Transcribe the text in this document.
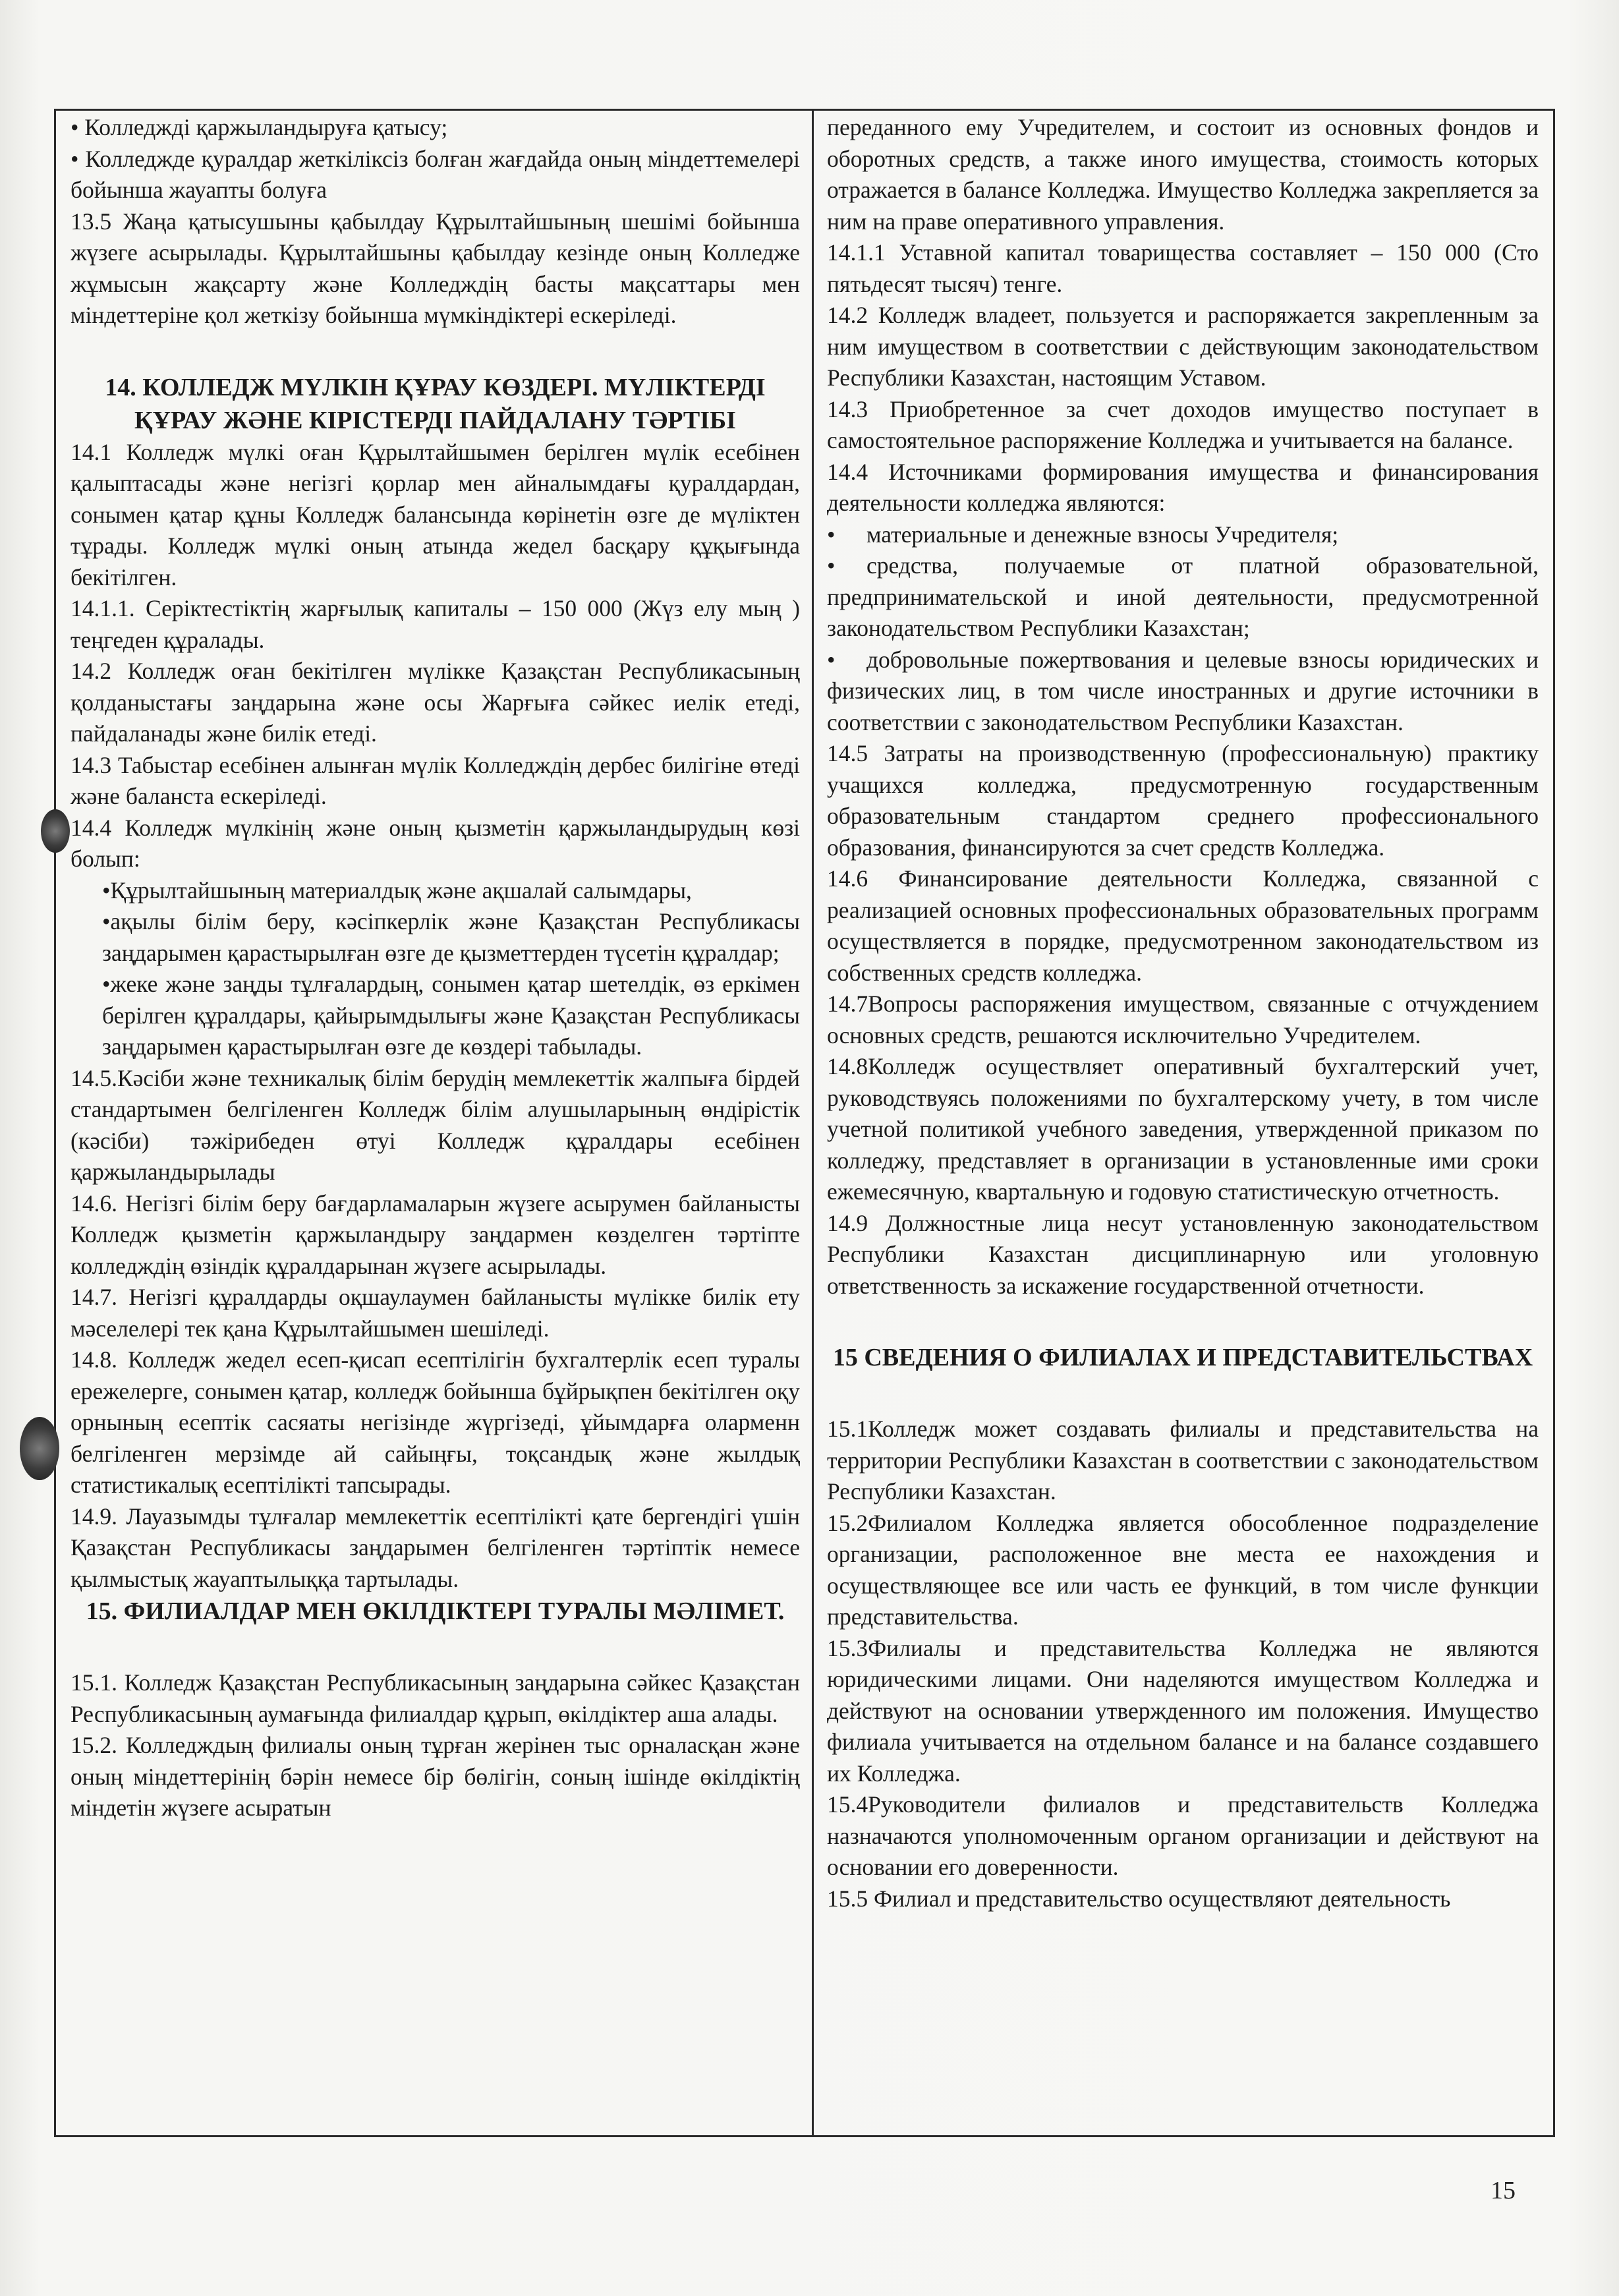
• Колледжді қаржыландыруға қатысу;

• Колледжде қуралдар жеткіліксіз болған жағдайда оның міндеттемелері бойынша жауапты болуға

13.5 Жаңа қатысушыны қабылдау Құрылтайшының шешімі бойынша жүзеге асырылады. Құрылтайшыны қабылдау кезінде оның Колледже жұмысын жақсарту және Колледждің басты мақсаттары мен міндеттеріне қол жеткізу бойынша мүмкіндіктері ескеріледі.

14. КОЛЛЕДЖ МҮЛКІН ҚҰРАУ КӨЗДЕРІ. МҮЛІКТЕРДІ ҚҰРАУ ЖӘНЕ КІРІСТЕРДІ ПАЙДАЛАНУ ТӘРТІБІ

14.1 Колледж мүлкі оған Құрылтайшымен берілген мүлік есебінен қалыптасады және негізгі қорлар мен айналымдағы қуралдардан, сонымен қатар құны Колледж балансында көрінетін өзге де мүліктен тұрады. Колледж мүлкі оның атында жедел басқару құқығында бекітілген.

14.1.1. Серіктестіктің жарғылық капиталы – 150 000 (Жүз елу мың ) теңгеден құралады.

14.2 Колледж оған бекітілген мүлікке Қазақстан Республикасының қолданыстағы заңдарына және осы Жарғыға сәйкес иелік етеді, пайдаланады және билік етеді.

14.3 Табыстар есебінен алынған мүлік Колледждің дербес билігіне өтеді және баланста ескеріледі.

14.4 Колледж мүлкінің және оның қызметін қаржыландырудың көзі болып:

•Құрылтайшының материалдық және ақшалай салымдары,

•ақылы білім беру, кәсіпкерлік және Қазақстан Республикасы заңдарымен қарастырылған өзге де қызметтерден түсетін құралдар;

•жеке және заңды тұлғалардың, сонымен қатар шетелдік, өз еркімен берілген құралдары, қайырымдылығы және Қазақстан Республикасы заңдарымен қарастырылған өзге де көздері табылады.

14.5.Кәсіби және техникалық білім берудің мемлекеттік жалпыға бірдей стандартымен белгіленген Колледж білім алушыларының өндірістік (кәсіби) тәжірибеден өтуі Колледж құралдары есебінен қаржыландырылады

14.6. Негізгі білім беру бағдарламаларын жүзеге асырумен байланысты Колледж қызметін қаржыландыру заңдармен көзделген тәртіпте колледждің өзіндік құралдарынан жүзеге асырылады.

14.7. Негізгі құралдарды оқшаулаумен байланысты мүлікке билік ету мәселелері тек қана Құрылтайшымен шешіледі.

14.8. Колледж жедел есеп-қисап есептілігін бухгалтерлік есеп туралы ережелерге, сонымен қатар, колледж бойынша бұйрықпен бекітілген оқу орнының есептік сасяаты негізінде жүргізеді, ұйымдарға оларменн белгіленген мерзімде ай сайыңғы, тоқсандық және жылдық статистикалық есептілікті тапсырады.

14.9. Лауазымды тұлғалар мемлекеттік есептілікті қате бергендігі үшін Қазақстан Республикасы заңдарымен белгіленген тәртіптік немесе қылмыстық жауаптылыққа тартылады.

15. ФИЛИАЛДАР МЕН ӨКІЛДІКТЕРІ ТУРАЛЫ МӘЛІМЕТ.

15.1. Колледж Қазақстан Республикасының заңдарына сәйкес Қазақстан Республикасының аумағында филиалдар құрып, өкілдіктер аша алады.

15.2. Колледждың филиалы оның тұрған жерінен тыс орналасқан және оның міндеттерінің бәрін немесе бір бөлігін, соның ішінде өкілдіктің міндетін жүзеге асыратын

переданного ему Учредителем, и состоит из основных фондов и оборотных средств, а также иного имущества, стоимость которых отражается в балансе Колледжа. Имущество Колледжа закрепляется за ним на праве оперативного управления.

14.1.1 Уставной капитал товарищества составляет – 150 000 (Сто пятьдесят тысяч) тенге.

14.2 Колледж владеет, пользуется и распоряжается закрепленным за ним имуществом в соответствии с действующим законодательством Республики Казахстан, настоящим Уставом.

14.3 Приобретенное за счет доходов имущество поступает в самостоятельное распоряжение Колледжа и учитывается на балансе.

14.4 Источниками формирования имущества и финансирования деятельности колледжа являются:

• материальные и денежные взносы Учредителя;

• средства, получаемые от платной образовательной, предпринимательской и иной деятельности, предусмотренной законодательством Республики Казахстан;

• добровольные пожертвования и целевые взносы юридических и физических лиц, в том числе иностранных и другие источники в соответствии с законодательством Республики Казахстан.

14.5 Затраты на производственную (профессиональную) практику учащихся колледжа, предусмотренную государственным образовательным стандартом среднего профессионального образования, финансируются за счет средств Колледжа.

14.6 Финансирование деятельности Колледжа, связанной с реализацией основных профессиональных образовательных программ осуществляется в порядке, предусмотренном законодательством из собственных средств колледжа.

14.7Вопросы распоряжения имуществом, связанные с отчуждением основных средств, решаются исключительно Учредителем.

14.8Колледж осуществляет оперативный бухгалтерский учет, руководствуясь положениями по бухгалтерскому учету, в том числе учетной политикой учебного заведения, утвержденной приказом по колледжу, представляет в организации в установленные ими сроки ежемесячную, квартальную и годовую статистическую отчетность.

14.9 Должностные лица несут установленную законодательством Республики Казахстан дисциплинарную или уголовную ответственность за искажение государственной отчетности.

15 СВЕДЕНИЯ О ФИЛИАЛАХ И ПРЕДСТАВИТЕЛЬСТВАХ

15.1Колледж может создавать филиалы и представительства на территории Республики Казахстан в соответствии с законодательством Республики Казахстан.

15.2Филиалом Колледжа является обособленное подразделение организации, расположенное вне места ее нахождения и осуществляющее все или часть ее функций, в том числе функции представительства.

15.3Филиалы и представительства Колледжа не являются юридическими лицами. Они наделяются имуществом Колледжа и действуют на основании утвержденного им положения. Имущество филиала учитывается на отдельном балансе и на балансе создавшего их Колледжа.

15.4Руководители филиалов и представительств Колледжа назначаются уполномоченным органом организации и действуют на основании его доверенности.

15.5 Филиал и представительство осуществляют деятельность

15
